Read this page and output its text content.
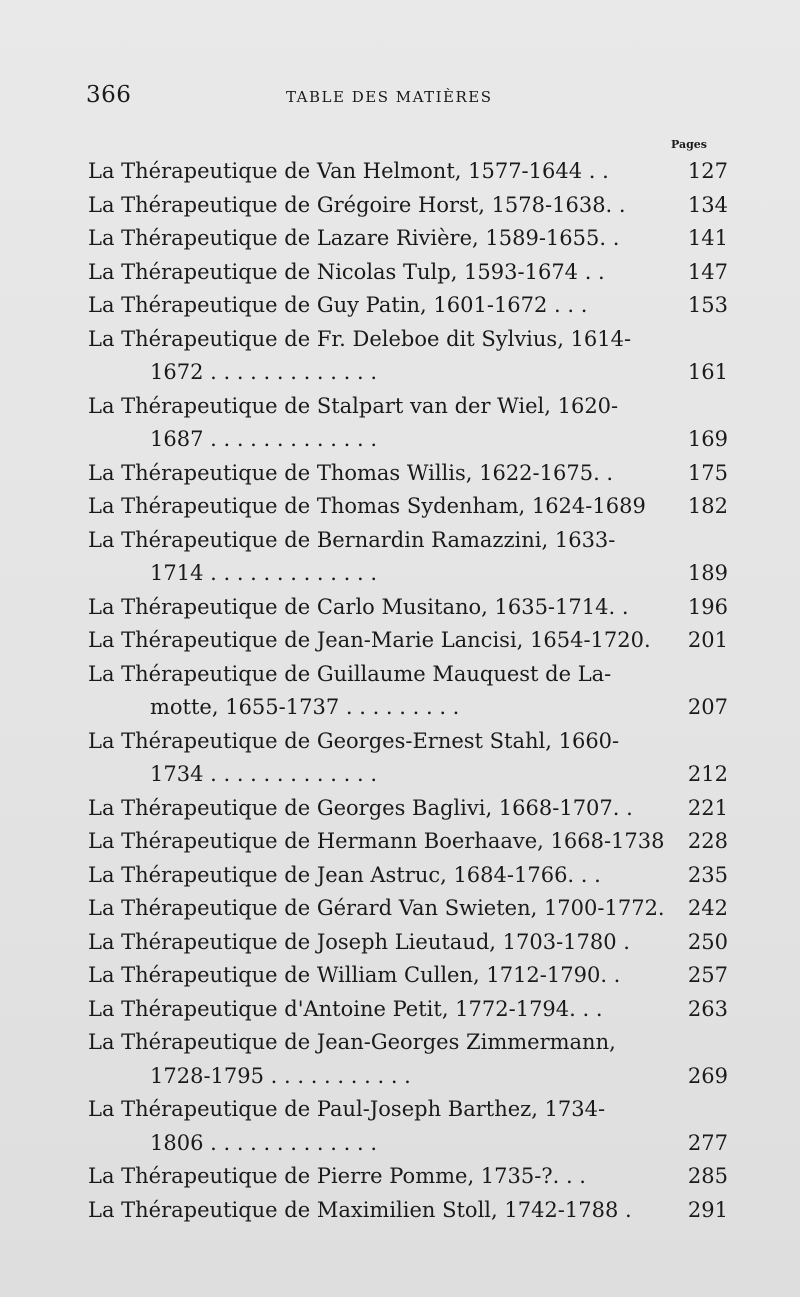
366	TABLE DES MATIÈRES
Pages
La Thérapeutique de Van Helmont, 1577-1644 . .	127
La Thérapeutique de Grégoire Horst, 1578-1638. .	134
La Thérapeutique de Lazare Rivière, 1589-1655. .	141
La Thérapeutique de Nicolas Tulp, 1593-1674 . .	147
La Thérapeutique de Guy Patin, 1601-1672 . . .	153
La Thérapeutique de Fr. Deleboe dit Sylvius, 1614-
1672 . . . . . . . . . . . . .	161
La Thérapeutique de Stalpart van der Wiel, 1620-
1687 . . . . . . . . . . . . .	169
La Thérapeutique de Thomas Willis, 1622-1675. .	175
La Thérapeutique de Thomas Sydenham, 1624-1689	182
La Thérapeutique de Bernardin Ramazzini, 1633-
1714 . . . . . . . . . . . . .	189
La Thérapeutique de Carlo Musitano, 1635-1714. .	196
La Thérapeutique de Jean-Marie Lancisi, 1654-1720.	201
La Thérapeutique de Guillaume Mauquest de La-
motte, 1655-1737 . . . . . . . . .	207
La Thérapeutique de Georges-Ernest Stahl, 1660-
1734 . . . . . . . . . . . . .	212
La Thérapeutique de Georges Baglivi, 1668-1707. .	221
La Thérapeutique de Hermann Boerhaave, 1668-1738	228
La Thérapeutique de Jean Astruc, 1684-1766. . .	235
La Thérapeutique de Gérard Van Swieten, 1700-1772.	242
La Thérapeutique de Joseph Lieutaud, 1703-1780 .	250
La Thérapeutique de William Cullen, 1712-1790. .	257
La Thérapeutique d'Antoine Petit, 1772-1794. . .	263
La Thérapeutique de Jean-Georges Zimmermann,
1728-1795 . . . . . . . . . . .	269
La Thérapeutique de Paul-Joseph Barthez, 1734-
1806 . . . . . . . . . . . . .	277
La Thérapeutique de Pierre Pomme, 1735-?. . .	285
La Thérapeutique de Maximilien Stoll, 1742-1788 .	291
